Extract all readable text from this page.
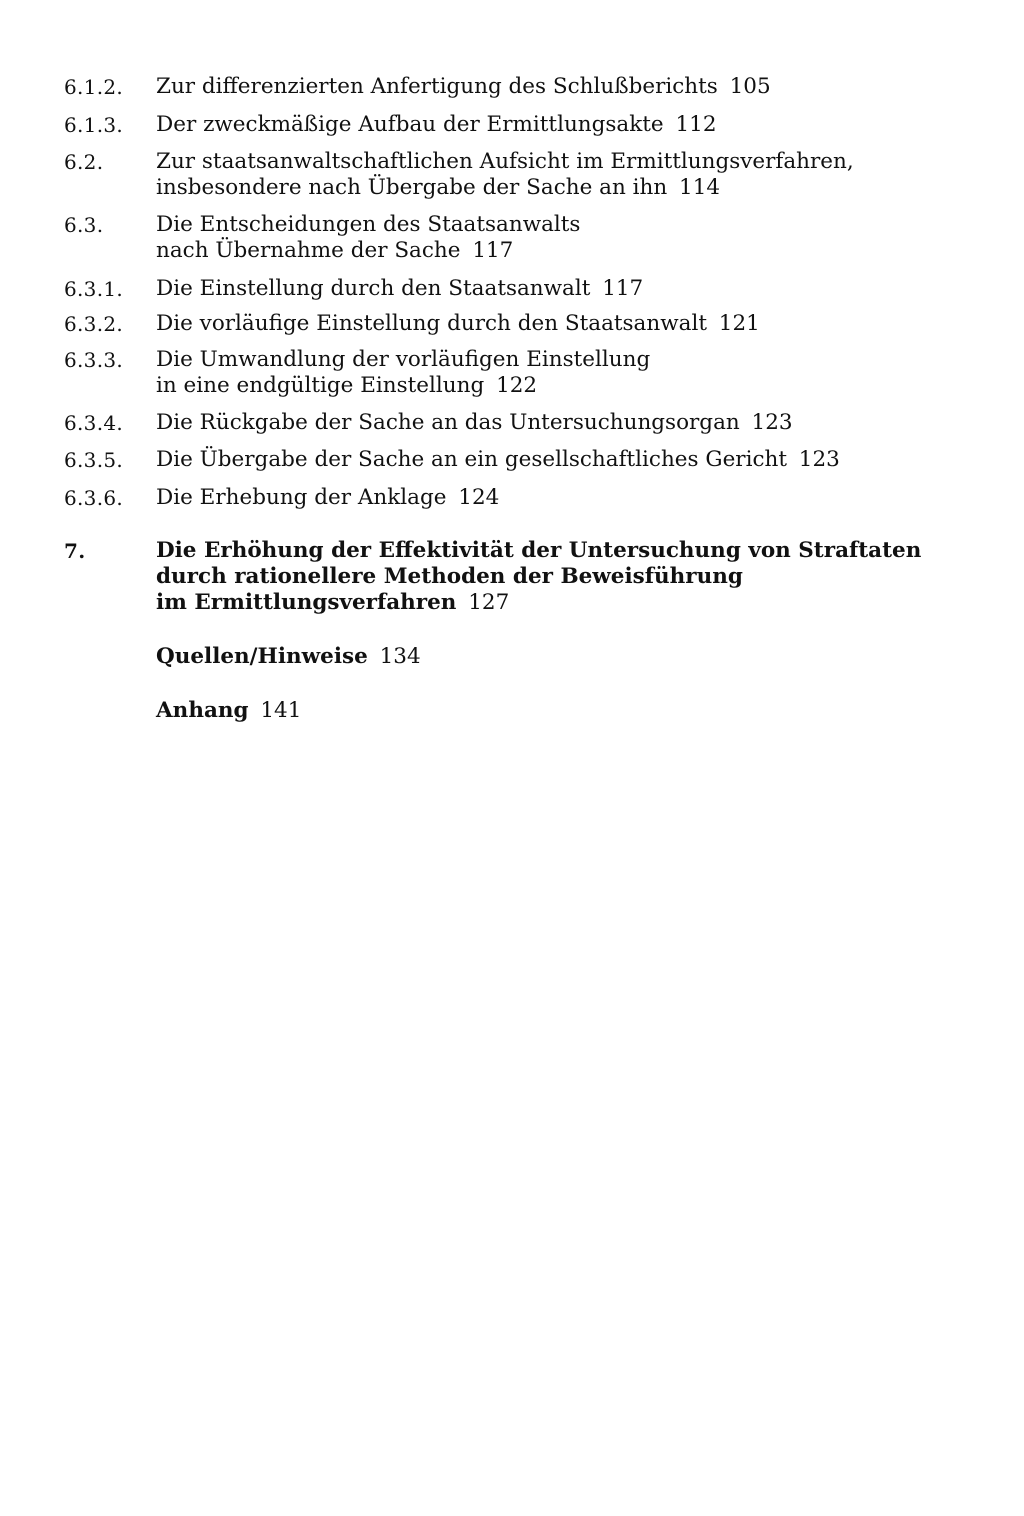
6.1.2.	Zur differenzierten Anfertigung des Schlußberichts 105
6.1.3.	Der zweckmäßige Aufbau der Ermittlungsakte 112
6.2.	Zur staatsanwaltschaftlichen Aufsicht im Ermittlungsverfahren,
insbesondere nach Übergabe der Sache an ihn 114
6.3.	Die Entscheidungen des Staatsanwalts
nach Übernahme der Sache 117
6.3.1.	Die Einstellung durch den Staatsanwalt 117
6.3.2.	Die vorläufige Einstellung durch den Staatsanwalt 121
6.3.3.	Die Umwandlung der vorläufigen Einstellung
in eine endgültige Einstellung 122
6.3.4.	Die Rückgabe der Sache an das Untersuchungsorgan 123
6.3.5.	Die Übergabe der Sache an ein gesellschaftliches Gericht 123
6.3.6.	Die Erhebung der Anklage 124
7.	Die Erhöhung der Effektivität der Untersuchung von Straftaten
durch rationellere Methoden der Beweisführung
im Ermittlungsverfahren 127
Quellen/Hinweise 134
Anhang 141
